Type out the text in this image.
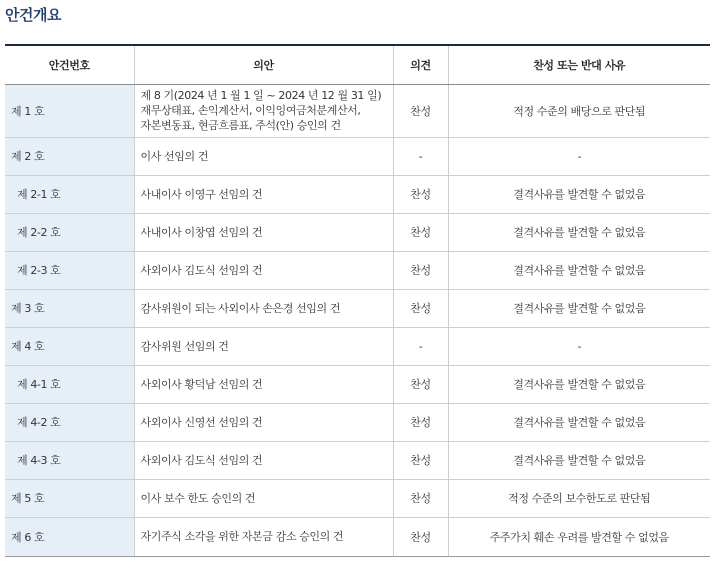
안건개요
안건번호	의안	의견	찬성 또는 반대 사유
제 1 호	제 8 기(2024 년 1 월 1 일 ~ 2024 년 12 월 31 일)
재무상태표, 손익계산서, 이익잉여금처분계산서,
자본변동표, 현금흐름표, 주석(안) 승인의 건	찬성	적정 수준의 배당으로 판단됨
제 2 호	이사 선임의 건	-	-
제 2-1 호	사내이사 이영구 선임의 건	찬성	결격사유를 발견할 수 없었음
제 2-2 호	사내이사 이창엽 선임의 건	찬성	결격사유를 발견할 수 없었음
제 2-3 호	사외이사 김도식 선임의 건	찬성	결격사유를 발견할 수 없었음
제 3 호	감사위원이 되는 사외이사 손은경 선임의 건	찬성	결격사유를 발견할 수 없었음
제 4 호	감사위원 선임의 건	-	-
제 4-1 호	사외이사 황덕남 선임의 건	찬성	결격사유를 발견할 수 없었음
제 4-2 호	사외이사 신영선 선임의 건	찬성	결격사유를 발견할 수 없었음
제 4-3 호	사외이사 김도식 선임의 건	찬성	결격사유를 발견할 수 없었음
제 5 호	이사 보수 한도 승인의 건	찬성	적정 수준의 보수한도로 판단됨
제 6 호	자기주식 소각을 위한 자본금 감소 승인의 건	찬성	주주가치 훼손 우려를 발견할 수 없었음
